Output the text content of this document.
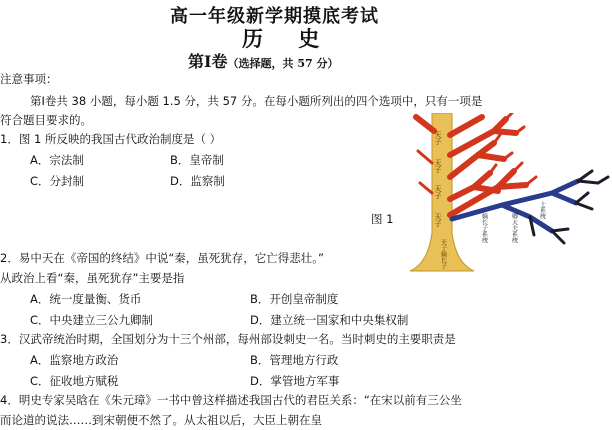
高一年级新学期摸底考试
历 史
第Ⅰ卷（选择题，共 57 分）
注意事项：
第Ⅰ卷共 38 小题，每小题 1.5 分，共 57 分。在每小题所列出的四个选项中，只有一项是
符合题目要求的。
1．图 1 所反映的我国古代政治制度是（ ）
A．宗法制	B．皇帝制
C．分封制	D．监察制
图 1
天子
天子
天子
天子
天子嫡长子
嫡长子系统
士系统
卿大夫系统
2．易中天在《帝国的终结》中说“秦，虽死犹存，它亡得悲壮。”
从政治上看“秦，虽死犹存”主要是指
A．统一度量衡、货币	B．开创皇帝制度
C．中央建立三公九卿制	D．建立统一国家和中央集权制
3．汉武帝统治时期，全国划分为十三个州部，每州部设刺史一名。当时刺史的主要职责是
A．监察地方政治	B．管理地方行政
C．征收地方赋税	D．掌管地方军事
4．明史专家吴晗在《朱元璋》一书中曾这样描述我国古代的君臣关系：“在宋以前有三公坐
而论道的说法……到宋朝便不然了。从太祖以后，大臣上朝在皇
